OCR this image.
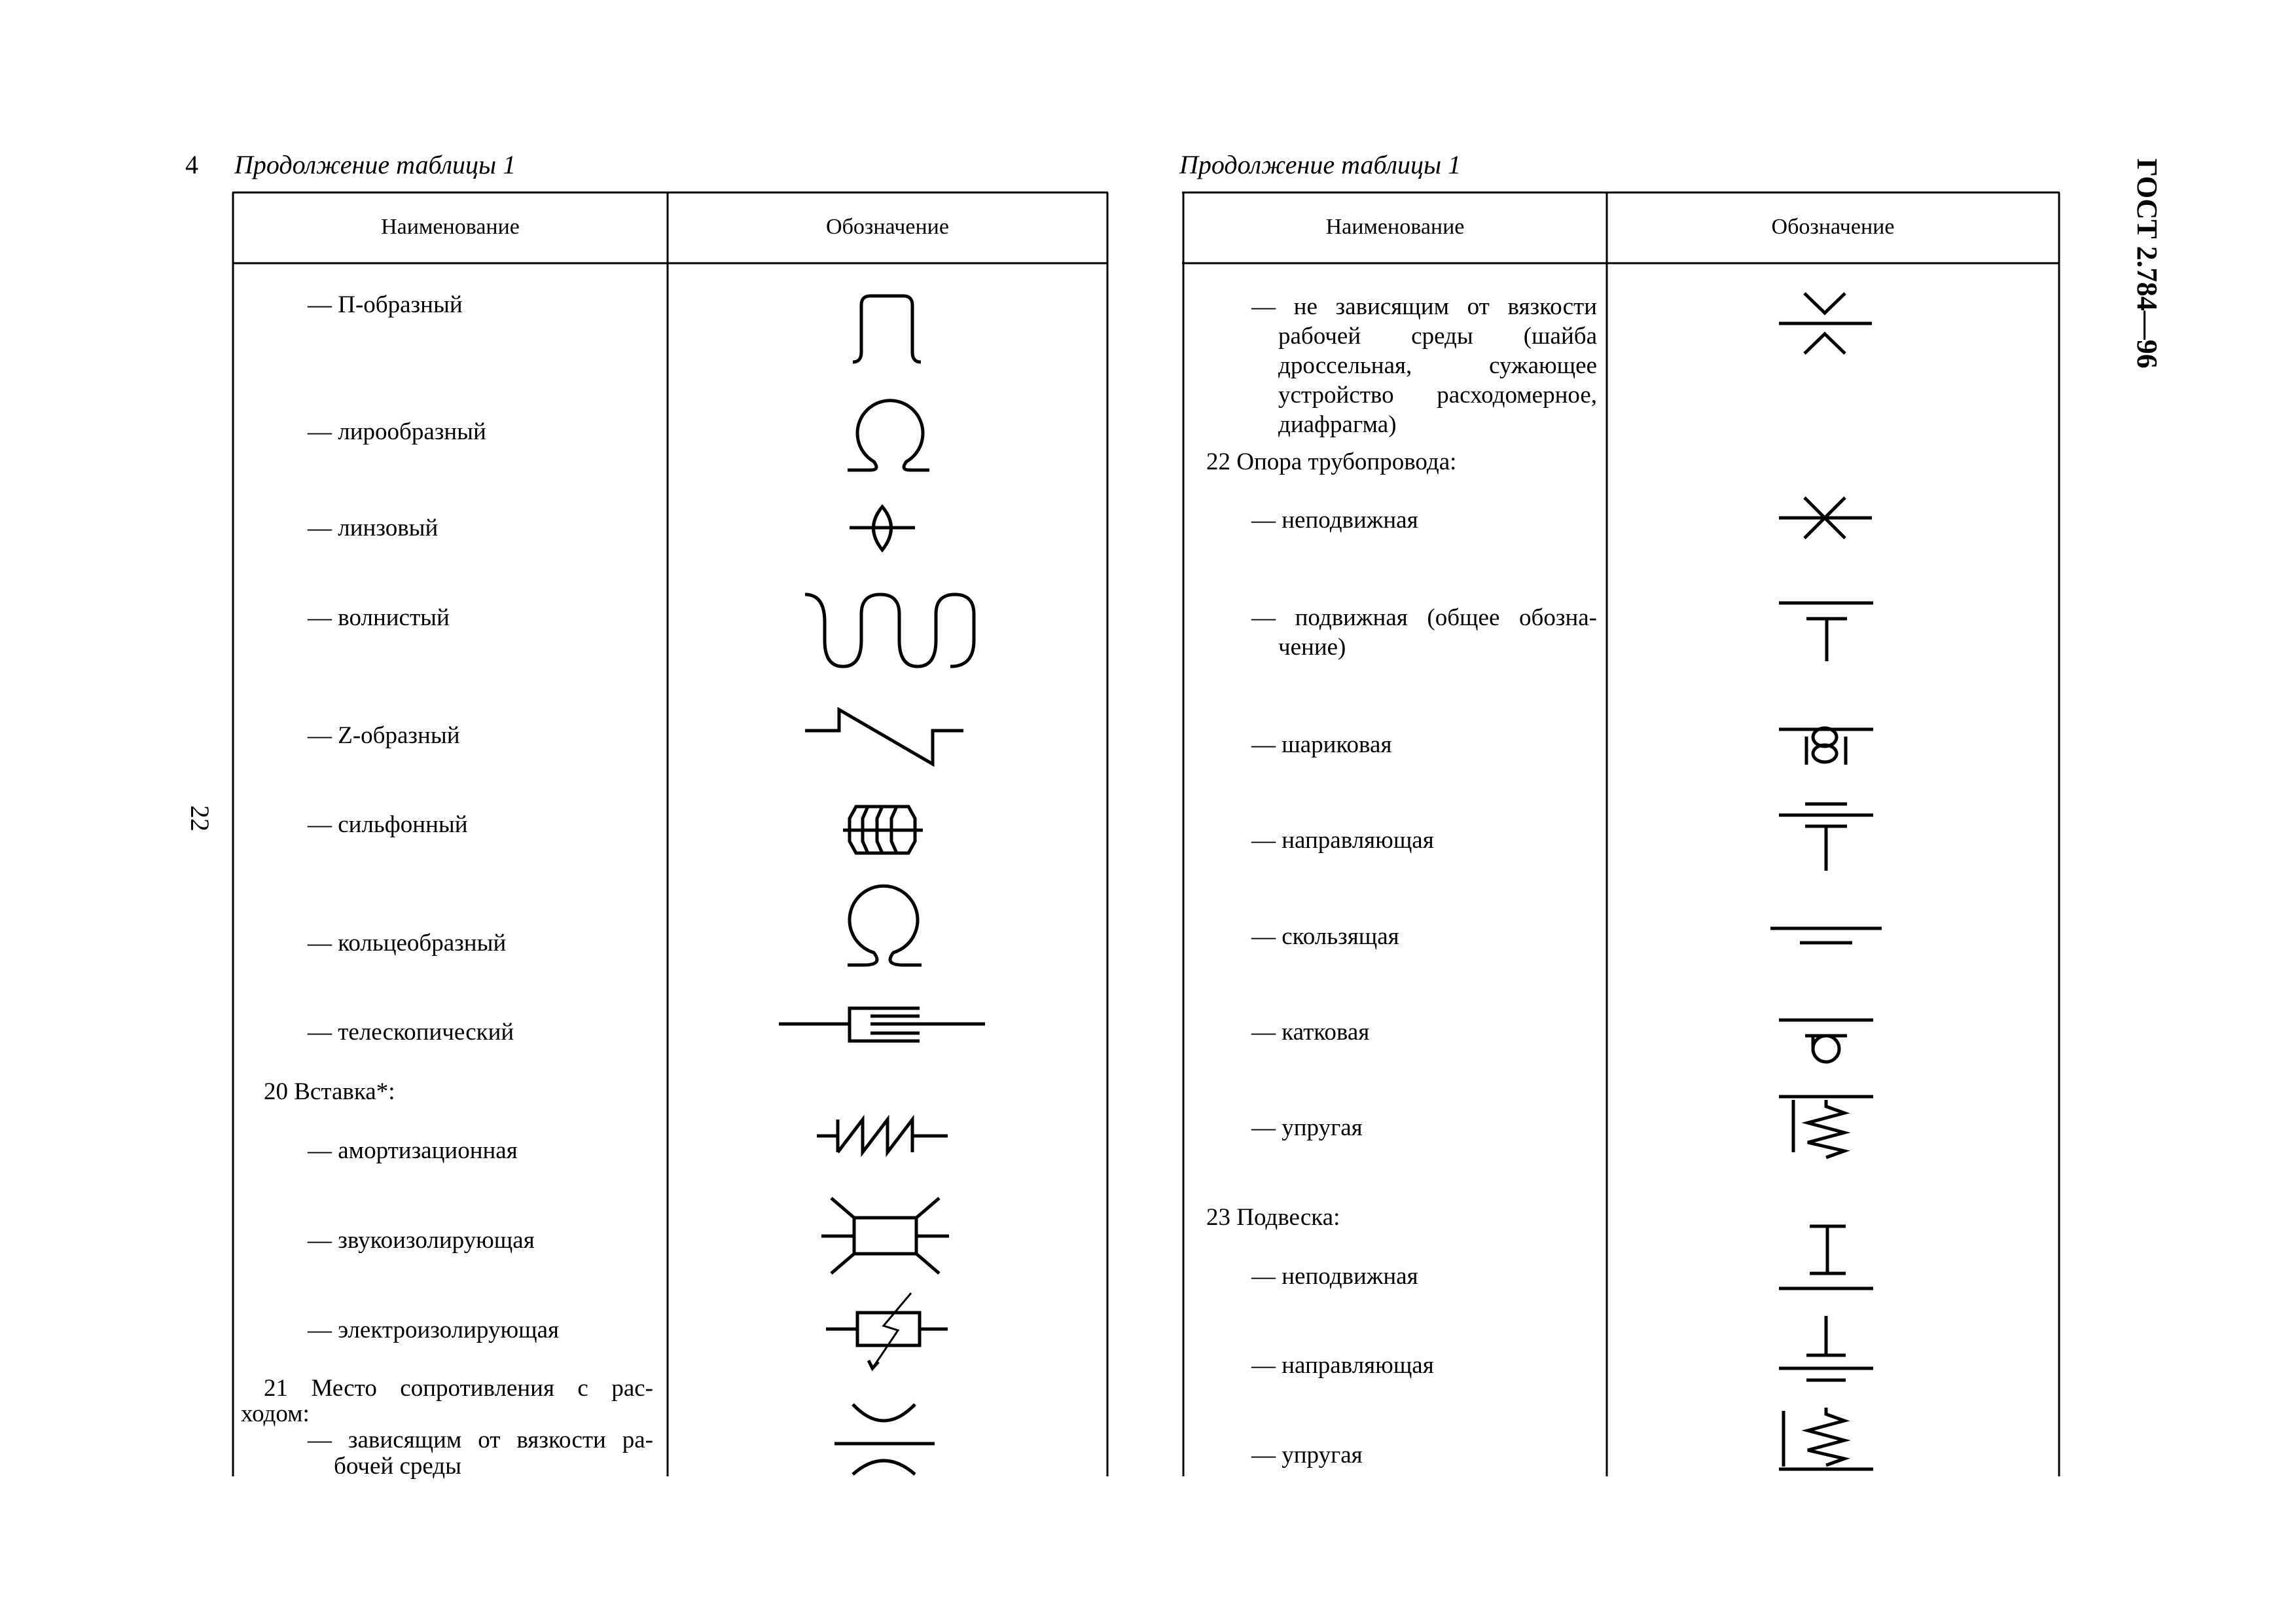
4
22
ГОСТ 2.784—96
Продолжение таблицы 1	Продолжение таблицы 1
Наименование	Обозначение	Наименование	Обозначение
— П-образный
— лирообразный
— линзовый
— волнистый
— Z-образный
— сильфонный
— кольцеобразный
— телескопический
20 Вставка*:
— амортизационная
— звукоизолирующая
— электроизолирующая
21 Место сопротивления с рас-
ходом:
— зависящим от вязкости ра-
бочей среды
— не зависящим от вязкости рабочей среды (шайба дроссельная, сужающее устройство расходомерное, диафрагма)
22 Опора трубопровода:
— неподвижная
— подвижная (общее обозна-
чение)
— шариковая
— направляющая
— скользящая
— катковая
— упругая
23 Подвеска:
— неподвижная
— направляющая
— упругая
